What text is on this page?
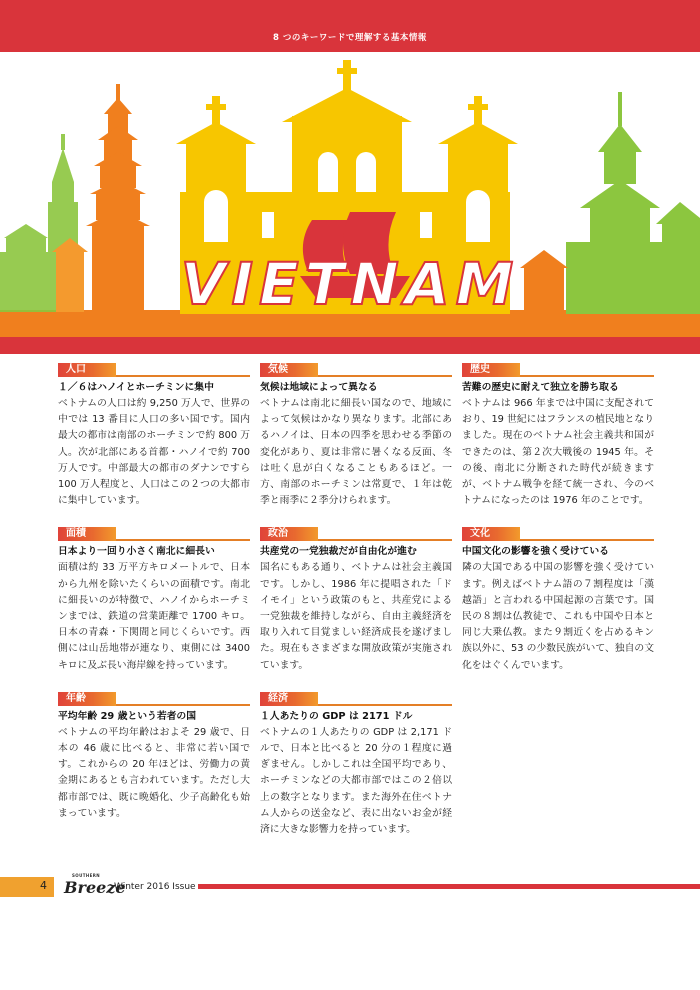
8 つのキーワードで理解する基本情報
VIETNAM
人口
１／６はハノイとホーチミンに集中
ベトナムの人口は約 9,250 万人で、世界の中では 13 番目に人口の多い国です。国内最大の都市は南部のホーチミンで約 800 万人。次が北部にある首都・ハノイで約 700 万人です。中部最大の都市のダナンですら 100 万人程度と、人口はこの２つの大都市に集中しています。
面積
日本より一回り小さく南北に細長い
面積は約 33 万平方キロメートルで、日本から九州を除いたくらいの面積です。南北に細長いのが特徴で、ハノイからホーチミンまでは、鉄道の営業距離で 1700 キロ。日本の青森・下関間と同じくらいです。西側には山岳地帯が連なり、東側には 3400 キロに及ぶ長い海岸線を持っています。
年齢
平均年齢 29 歳という若者の国
ベトナムの平均年齢はおよそ 29 歳で、日本の 46 歳に比べると、非常に若い国です。これからの 20 年ほどは、労働力の黄金期にあるとも言われています。ただし大都市部では、既に晩婚化、少子高齢化も始まっています。
気候
気候は地域によって異なる
ベトナムは南北に細長い国なので、地域によって気候はかなり異なります。北部にあるハノイは、日本の四季を思わせる季節の変化があり、夏は非常に暑くなる反面、冬は吐く息が白くなることもあるほど。一方、南部のホーチミンは常夏で、１年は乾季と雨季に２季分けられます。
政治
共産党の一党独裁だが自由化が進む
国名にもある通り、ベトナムは社会主義国です。しかし、1986 年に提唱された「ドイモイ」という政策のもと、共産党による一党独裁を維持しながら、自由主義経済を取り入れて目覚ましい経済成長を遂げました。現在もさまざまな開放政策が実施されています。
経済
１人あたりの GDP は 2171 ドル
ベトナムの１人あたりの GDP は 2,171 ドルで、日本と比べると 20 分の１程度に過ぎません。しかしこれは全国平均であり、ホーチミンなどの大都市部ではこの２倍以上の数字となります。また海外在住ベトナム人からの送金など、表に出ないお金が経済に大きな影響力を持っています。
歴史
苦難の歴史に耐えて独立を勝ち取る
ベトナムは 966 年までは中国に支配されており、19 世紀にはフランスの植民地となりました。現在のベトナム社会主義共和国ができたのは、第２次大戦後の 1945 年。その後、南北に分断された時代が続きますが、ベトナム戦争を経て統一され、今のベトナムになったのは 1976 年のことです。
文化
中国文化の影響を強く受けている
隣の大国である中国の影響を強く受けています。例えばベトナム語の７割程度は「漢越語」と言われる中国起源の言葉です。国民の８割は仏教徒で、これも中国や日本と同じ大乗仏教。また９割近くを占めるキン族以外に、53 の少数民族がいて、独自の文化をはぐくんでいます。
4
SOUTHERN
Breeze
Winter 2016 Issue
